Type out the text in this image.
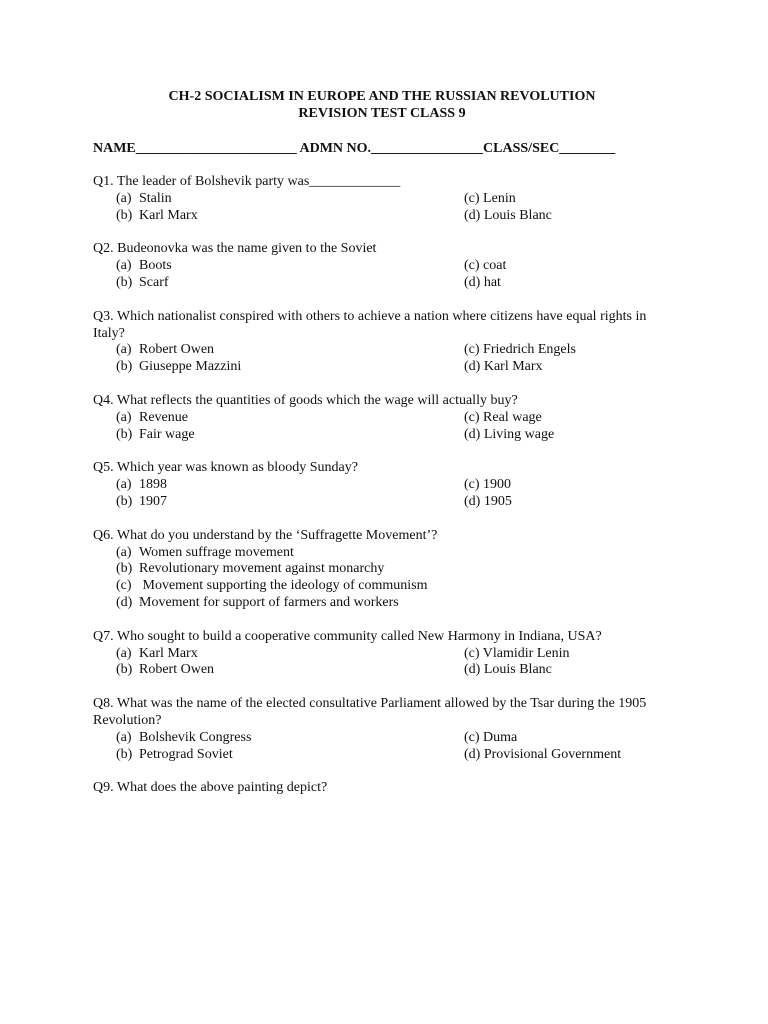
CH-2 SOCIALISM IN EUROPE AND THE RUSSIAN REVOLUTION
REVISION TEST CLASS 9
NAME_______________________ ADMN NO.________________CLASS/SEC________
Q1. The leader of Bolshevik party was_____________
(a) Stalin	(c) Lenin
(b) Karl Marx	(d) Louis Blanc
Q2. Budeonovka was the name given to the Soviet
(a) Boots	(c) coat
(b) Scarf	(d) hat
Q3. Which nationalist conspired with others to achieve a nation where citizens have equal rights in Italy?
(a) Robert Owen	(c) Friedrich Engels
(b) Giuseppe Mazzini	(d) Karl Marx
Q4. What reflects the quantities of goods which the wage will actually buy?
(a) Revenue	(c) Real wage
(b) Fair wage	(d) Living wage
Q5. Which year was known as bloody Sunday?
(a) 1898	(c) 1900
(b) 1907	(d) 1905
Q6. What do you understand by the ‘Suffragette Movement’?
(a) Women suffrage movement
(b) Revolutionary movement against monarchy
(c) Movement supporting the ideology of communism
(d) Movement for support of farmers and workers
Q7. Who sought to build a cooperative community called New Harmony in Indiana, USA?
(a) Karl Marx	(c) Vlamidir Lenin
(b) Robert Owen	(d) Louis Blanc
Q8. What was the name of the elected consultative Parliament allowed by the Tsar during the 1905 Revolution?
(a) Bolshevik Congress	(c) Duma
(b) Petrograd Soviet	(d) Provisional Government
Q9. What does the above painting depict?
